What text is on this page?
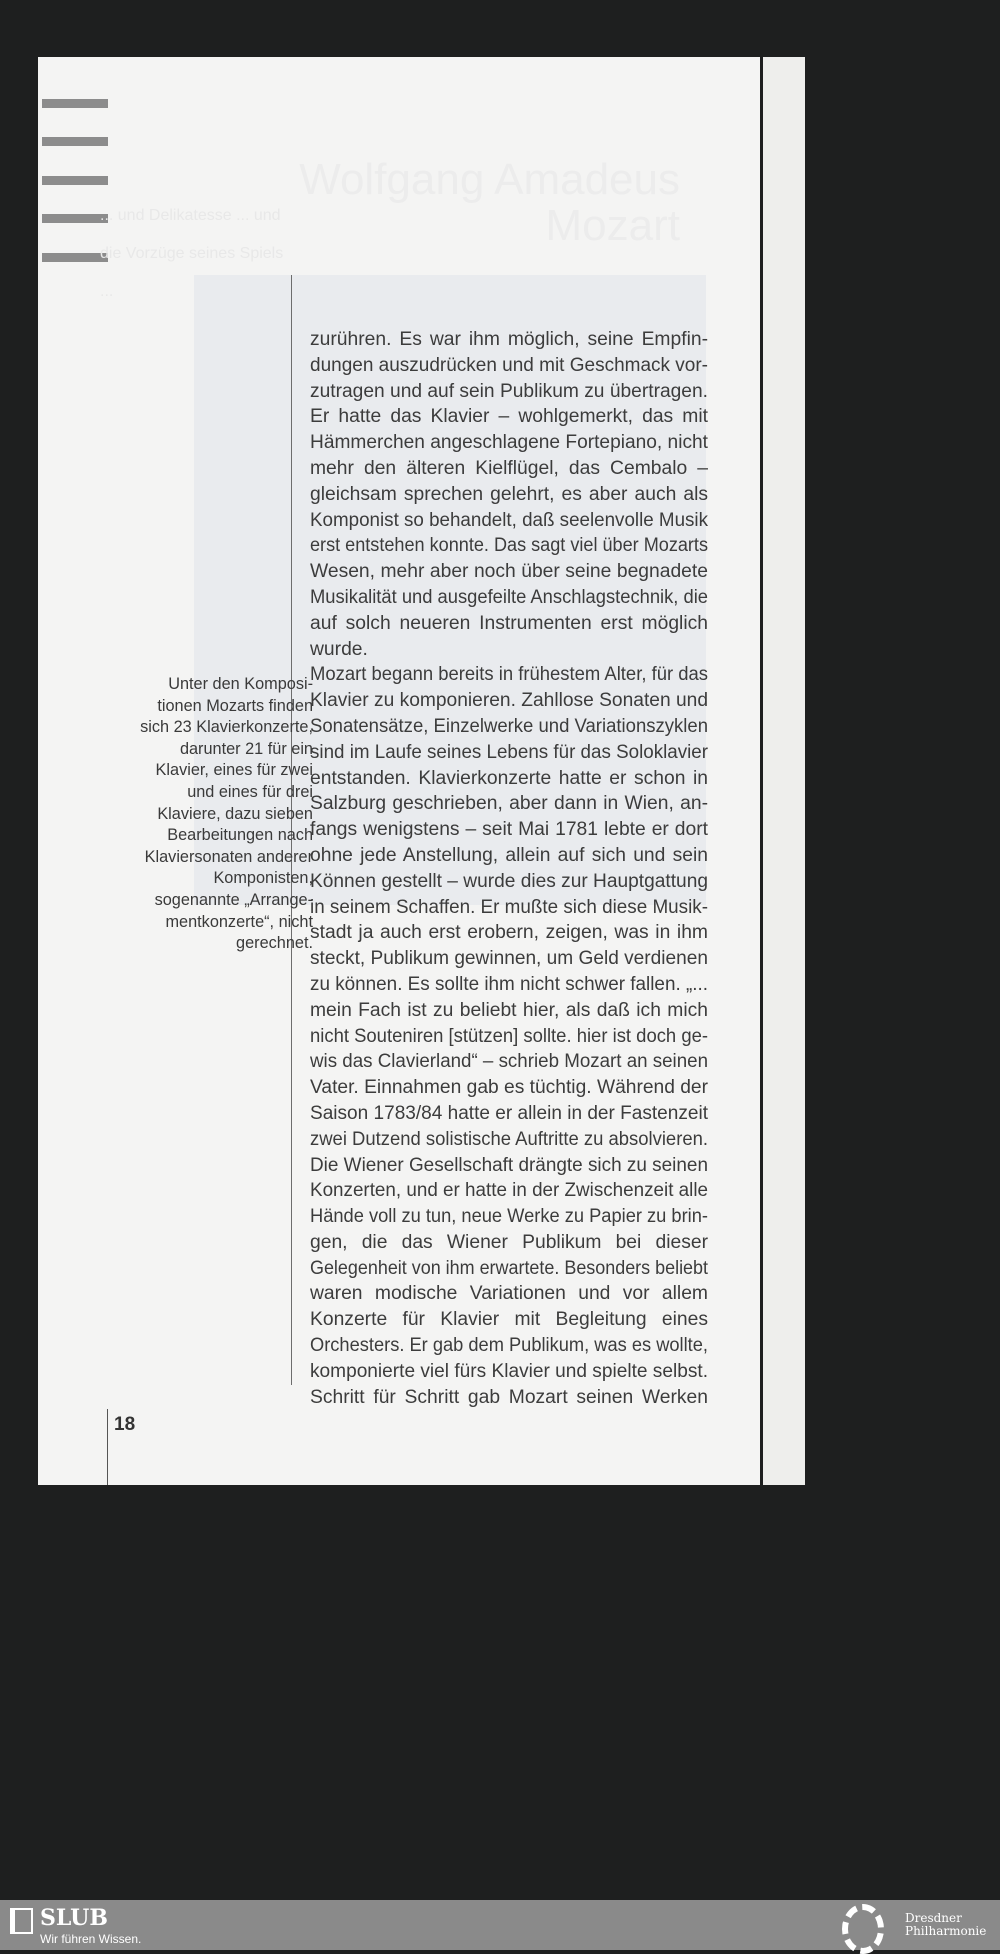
Wolfgang Amadeus
Mozart
... und Delikatesse ... und die Vorzüge seines Spiels ...
zurühren. Es war ihm möglich, seine Empfin-
dungen auszudrücken und mit Geschmack vor-
zutragen und auf sein Publikum zu übertragen.
Er hatte das Klavier – wohlgemerkt, das mit
Hämmerchen angeschlagene Fortepiano, nicht
mehr den älteren Kielflügel, das Cembalo –
gleichsam sprechen gelehrt, es aber auch als
Komponist so behandelt, daß seelenvolle Musik
erst entstehen konnte. Das sagt viel über Mozarts
Wesen, mehr aber noch über seine begnadete
Musikalität und ausgefeilte Anschlagstechnik, die
auf solch neueren Instrumenten erst möglich
wurde.
Mozart begann bereits in frühestem Alter, für das
Klavier zu komponieren. Zahllose Sonaten und
Sonatensätze, Einzelwerke und Variationszyklen
sind im Laufe seines Lebens für das Soloklavier
entstanden. Klavierkonzerte hatte er schon in
Salzburg geschrieben, aber dann in Wien, an-
fangs wenigstens – seit Mai 1781 lebte er dort
ohne jede Anstellung, allein auf sich und sein
Können gestellt – wurde dies zur Hauptgattung
in seinem Schaffen. Er mußte sich diese Musik-
stadt ja auch erst erobern, zeigen, was in ihm
steckt, Publikum gewinnen, um Geld verdienen
zu können. Es sollte ihm nicht schwer fallen. „...
mein Fach ist zu beliebt hier, als daß ich mich
nicht Souteniren [stützen] sollte. hier ist doch ge-
wis das Clavierland“ – schrieb Mozart an seinen
Vater. Einnahmen gab es tüchtig. Während der
Saison 1783/84 hatte er allein in der Fastenzeit
zwei Dutzend solistische Auftritte zu absolvieren.
Die Wiener Gesellschaft drängte sich zu seinen
Konzerten, und er hatte in der Zwischenzeit alle
Hände voll zu tun, neue Werke zu Papier zu brin-
gen, die das Wiener Publikum bei dieser
Gelegenheit von ihm erwartete. Besonders beliebt
waren modische Variationen und vor allem
Konzerte für Klavier mit Begleitung eines
Orchesters. Er gab dem Publikum, was es wollte,
komponierte viel fürs Klavier und spielte selbst.
Schritt für Schritt gab Mozart seinen Werken
Unter den Komposi-
tionen Mozarts finden
sich 23 Klavierkonzerte,
darunter 21 für ein
Klavier, eines für zwei
und eines für drei
Klaviere, dazu sieben
Bearbeitungen nach
Klaviersonaten anderer
Komponisten,
sogenannte „Arrange-
mentkonzerte“, nicht
gerechnet.
18
SLUB
Wir führen Wissen.
Dresdner
Philharmonie
